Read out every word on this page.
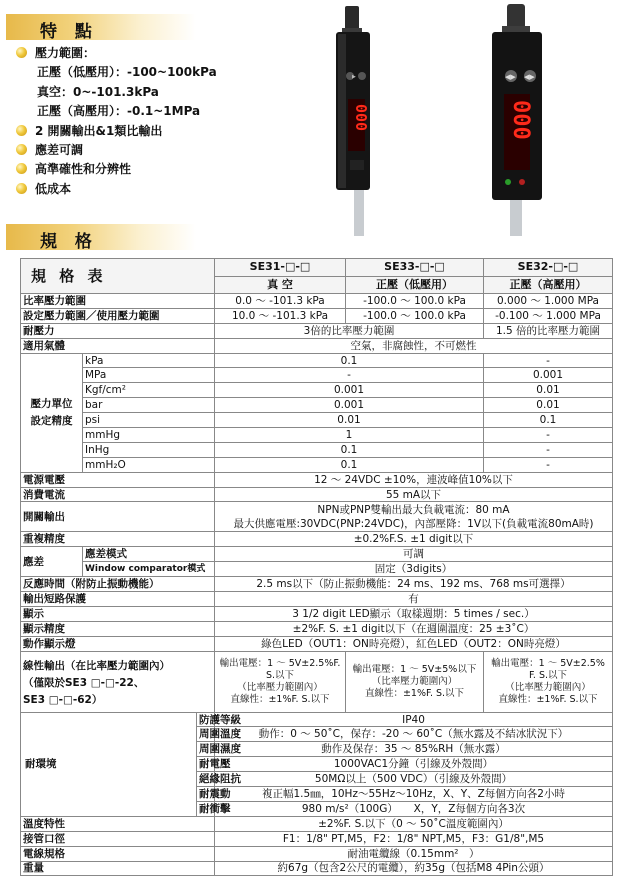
特 點
壓力範圍：
正壓（低壓用）：-100~100kPa
真空：0~-101.3kPa
正壓（高壓用）：-0.1~1MPa
2 開關輸出&1類比輸出
應差可調
高準確性和分辨性
低成本
▶
000
◀▶ ◀▶
000
規 格
規 格 表			SE31-□-□	SE33-□-□	SE32-□-□
			真 空	正壓（低壓用）	正壓（高壓用）
比率壓力範圍			0.0 ～ -101.3 kPa	-100.0 ～ 100.0 kPa	0.000 ～ 1.000 MPa
設定壓力範圍／使用壓力範圍			10.0 ～ -101.3 kPa	-100.0 ～ 100.0 kPa	-0.100 ～ 1.000 MPa
耐壓力			3倍的比率壓力範圍		1.5 倍的比率壓力範圍
適用氣體			空氣，非腐蝕性，不可燃性		
壓力單位
設定精度	kPa		0.1		-
	MPa		-		0.001
	Kgf/cm²		0.001		0.01
	bar		0.001		0.01
	psi		0.01		0.1
	mmHg		1		-
	InHg		0.1		-
	mmH₂O		0.1		-
電源電壓			12 ～ 24VDC ±10%，連波峰值10%以下		
消費電流			55 mA以下		
開關輸出			NPN或PNP雙輸出最大負載電流：80 mA
最大供應電壓:30VDC(PNP:24VDC)，內部壓降：1V以下(負載電流80mA時)		
重複精度			±0.2%F.S. ±1 digit以下		
應差	應差模式		可調		
	Window comparator模式		固定（3digits）		
反應時間（附防止振動機能）			2.5 ms以下（防止振動機能：24 ms、192 ms、768 ms可選擇）		
輸出短路保護			有		
顯示			3 1/2 digit LED顯示（取樣週期：5 times / sec.）		
顯示精度			±2%F. S. ±1 digit以下（在週圍溫度：25 ±3˚C）		
動作顯示燈			綠色LED（OUT1：ON時亮燈），紅色LED（OUT2：ON時亮燈）		
線性輸出（在比率壓力範圍內）
（僅限於SE3 □-□-22、
SE3 □-□-62）			輸出電壓：1 ～ 5V±2.5%F.
S.以下
（比率壓力範圍內）
直線性：±1%F. S.以下	輸出電壓：1 ～ 5V±5%以下
（比率壓力範圍內）
直線性：±1%F. S.以下	輸出電壓：1 ～ 5V±2.5%
F. S.以下
（比率壓力範圍內）
直線性：±1%F. S.以下
耐環境		防護等級	IP40		
		周圍溫度	動作：0 ～ 50˚C，保存：-20 ～ 60˚C（無水露及不結冰狀況下）		
		周圍濕度	動作及保存：35 ～ 85%RH（無水露）		
		耐電壓	1000VAC1分鐘（引線及外殼間）		
		絕緣阻抗	50MΩ以上（500 VDC）（引線及外殼間）		
		耐震動	複正幅1.5㎜，10Hz～55Hz～10Hz，X、Y、Z每個方向各2小時		
		耐衝擊	980 m/s²（100G）　　X，Y，Z每個方向各3次		
溫度特性			±2%F. S.以下（0 ～ 50˚C溫度範圍內）		
接管口徑			F1：1/8" PT,M5，F2：1/8" NPT,M5，F3：G1/8",M5		
電線規格			耐油電纜線（0.15mm²　）		
重量			約67g（包含2公尺的電纜），約35g（包括M8 4Pin公頭）		
